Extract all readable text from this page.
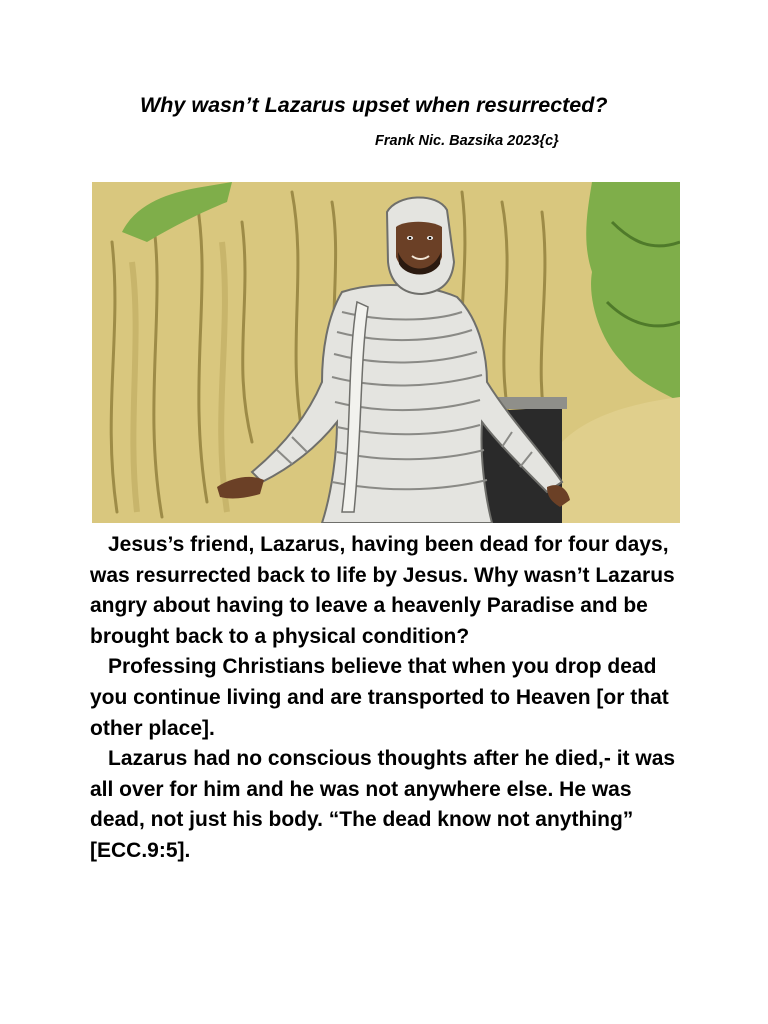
Why wasn’t Lazarus upset when resurrected?
Frank Nic. Bazsika 2023{c}

Jesus’s friend, Lazarus, having been dead for four days, was resurrected back to life by Jesus. Why wasn’t Lazarus angry about having to leave a heavenly Paradise and be brought back to a physical condition?

Professing Christians believe that when you drop dead you continue living and are transported to Heaven [or that other place].

Lazarus had no conscious thoughts after he died,- it was all over for him and he was not anywhere else. He was dead, not just his body. “The dead know not anything” [ECC.9:5].
